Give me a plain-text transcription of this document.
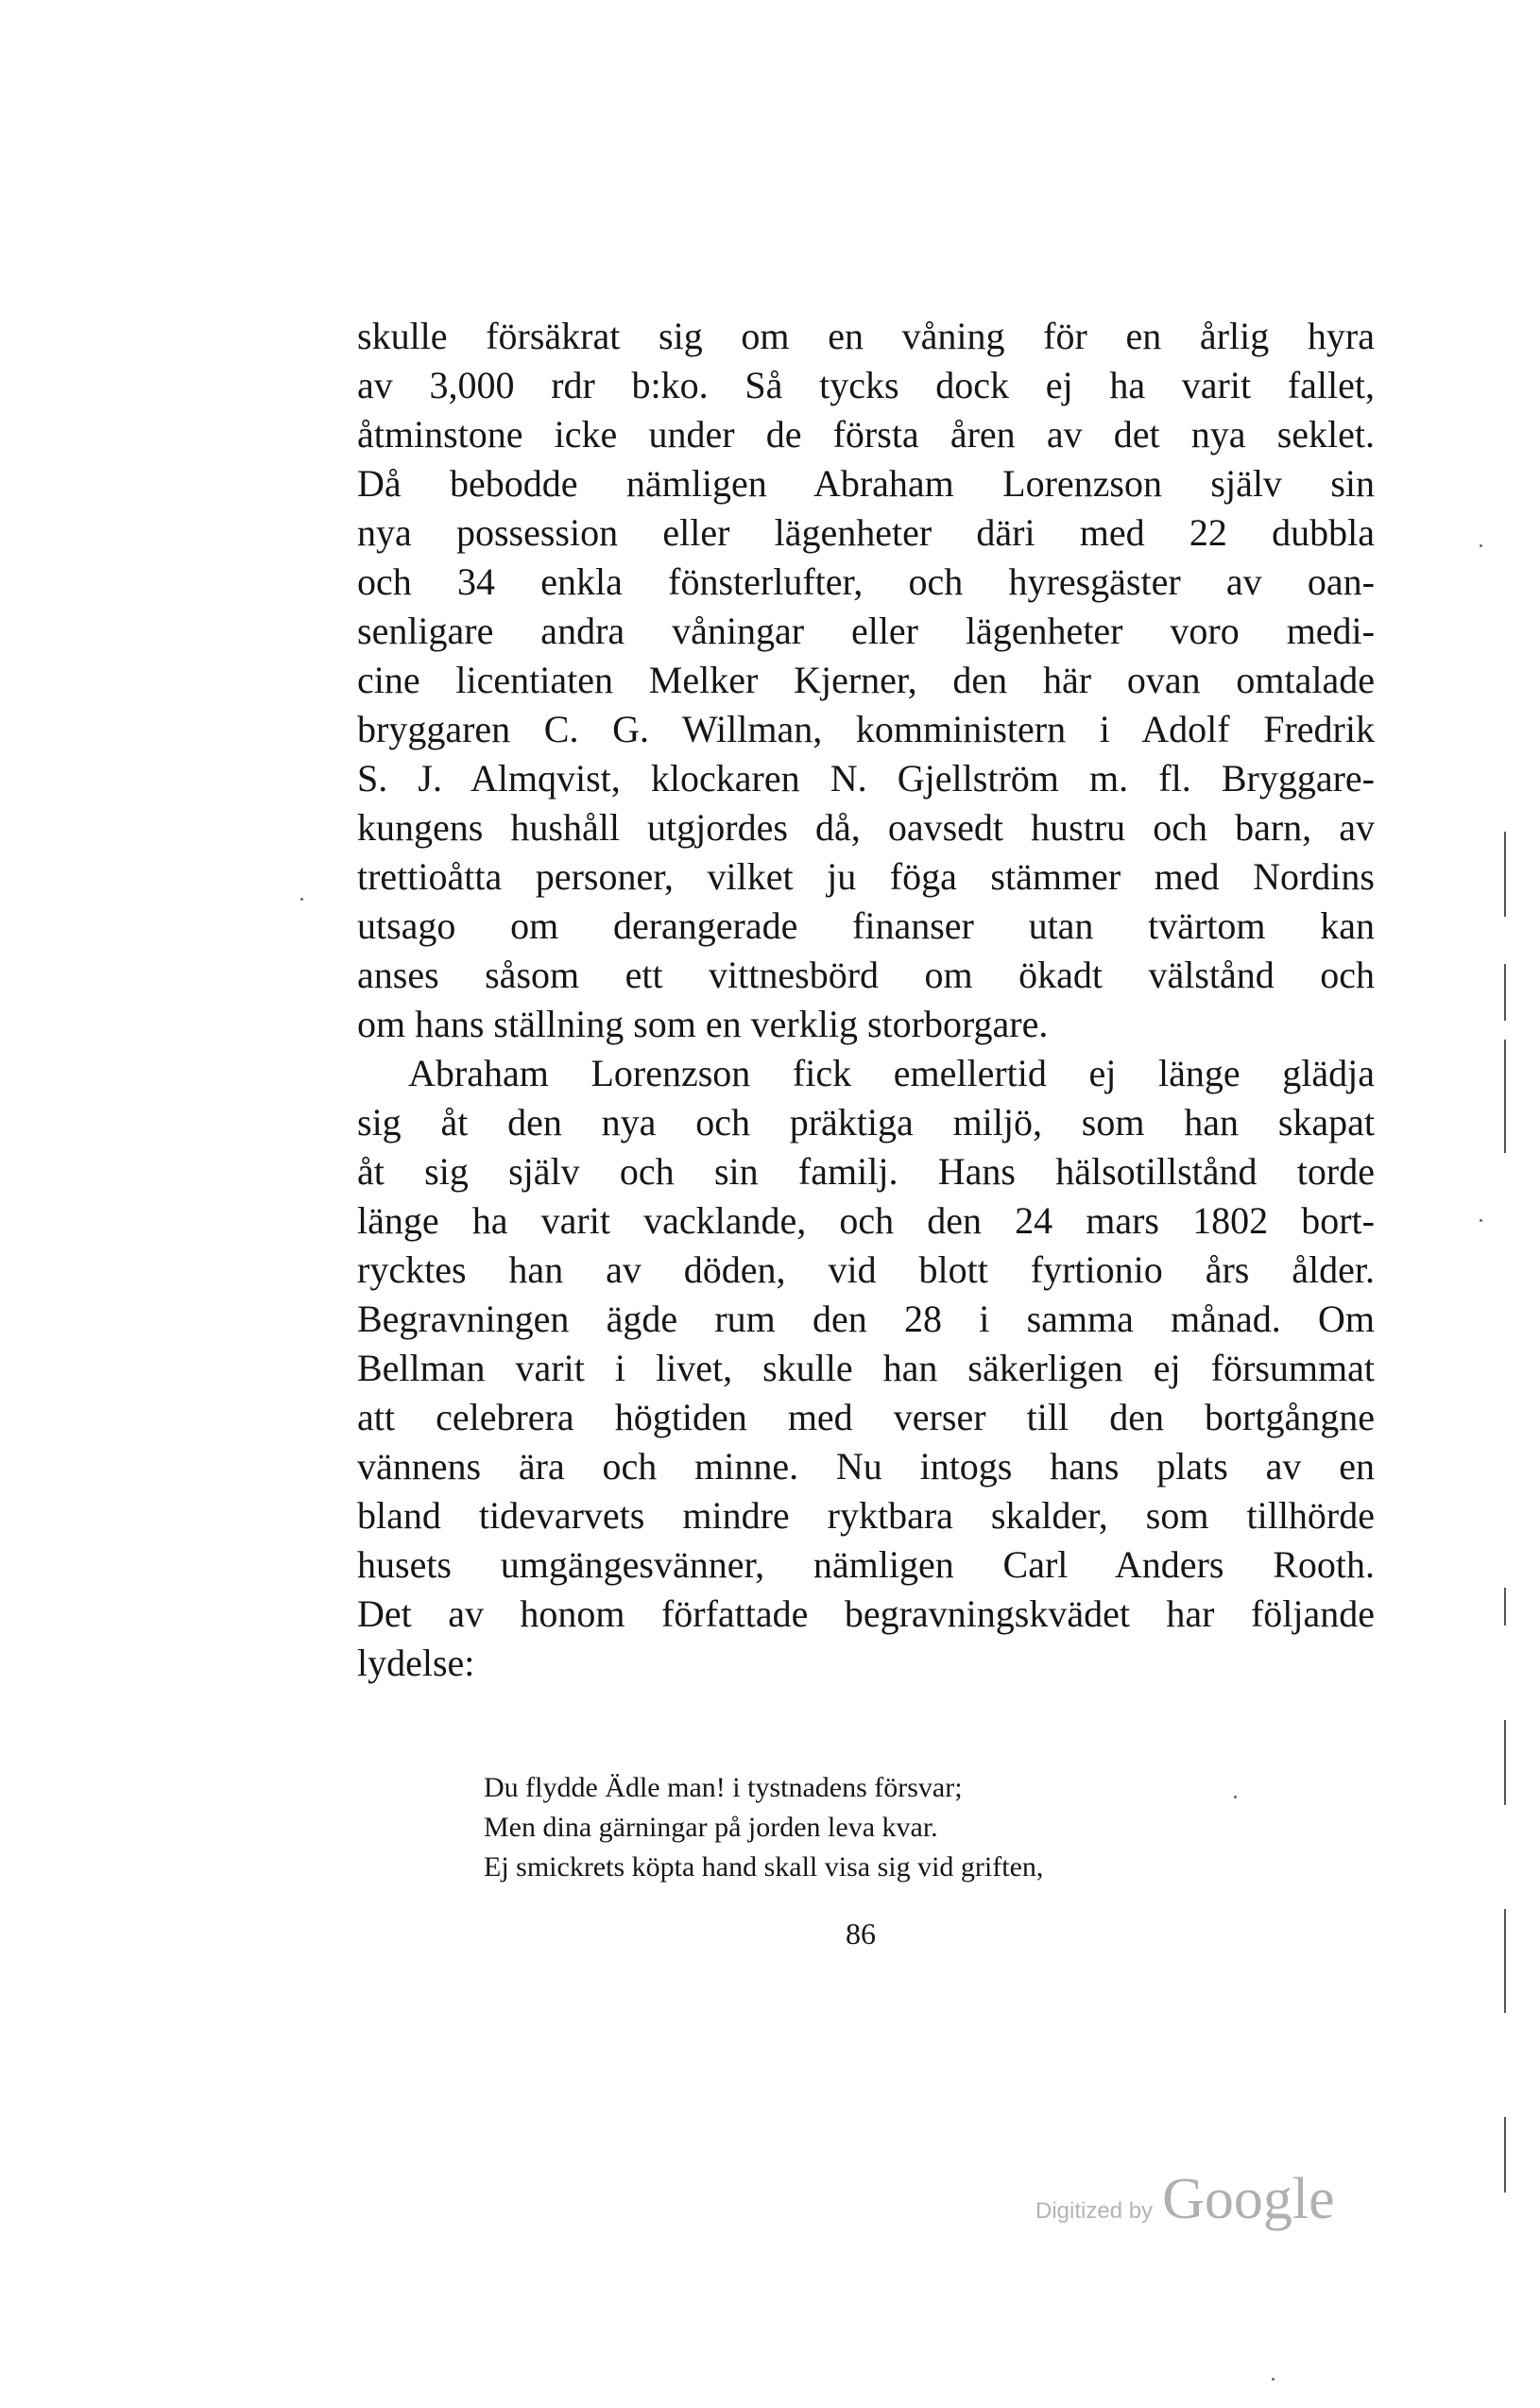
skulle försäkrat sig om en våning för en årlig hyra

av 3,000 rdr b:ko. Så tycks dock ej ha varit fallet,

åtminstone icke under de första åren av det nya seklet.

Då bebodde nämligen Abraham Lorenzson själv sin

nya possession eller lägenheter däri med 22 dubbla

och 34 enkla fönsterlufter, och hyresgäster av oan-

senligare andra våningar eller lägenheter voro medi-

cine licentiaten Melker Kjerner, den här ovan omtalade

bryggaren C. G. Willman, komministern i Adolf Fredrik

S. J. Almqvist, klockaren N. Gjellström m. fl. Bryggare-

kungens hushåll utgjordes då, oavsedt hustru och barn, av

trettioåtta personer, vilket ju föga stämmer med Nordins

utsago om derangerade finanser utan tvärtom kan

anses såsom ett vittnesbörd om ökadt välstånd och

om hans ställning som en verklig storborgare.

Abraham Lorenzson fick emellertid ej länge glädja

sig åt den nya och präktiga miljö, som han skapat

åt sig själv och sin familj. Hans hälsotillstånd torde

länge ha varit vacklande, och den 24 mars 1802 bort-

rycktes han av döden, vid blott fyrtionio års ålder.

Begravningen ägde rum den 28 i samma månad. Om

Bellman varit i livet, skulle han säkerligen ej försummat

att celebrera högtiden med verser till den bortgångne

vännens ära och minne. Nu intogs hans plats av en

bland tidevarvets mindre ryktbara skalder, som tillhörde

husets umgängesvänner, nämligen Carl Anders Rooth.

Det av honom författade begravningskvädet har följande

lydelse:

Du flydde Ädle man! i tystnadens försvar;

Men dina gärningar på jorden leva kvar.

Ej smickrets köpta hand skall visa sig vid griften,

86
Digitized by Google
